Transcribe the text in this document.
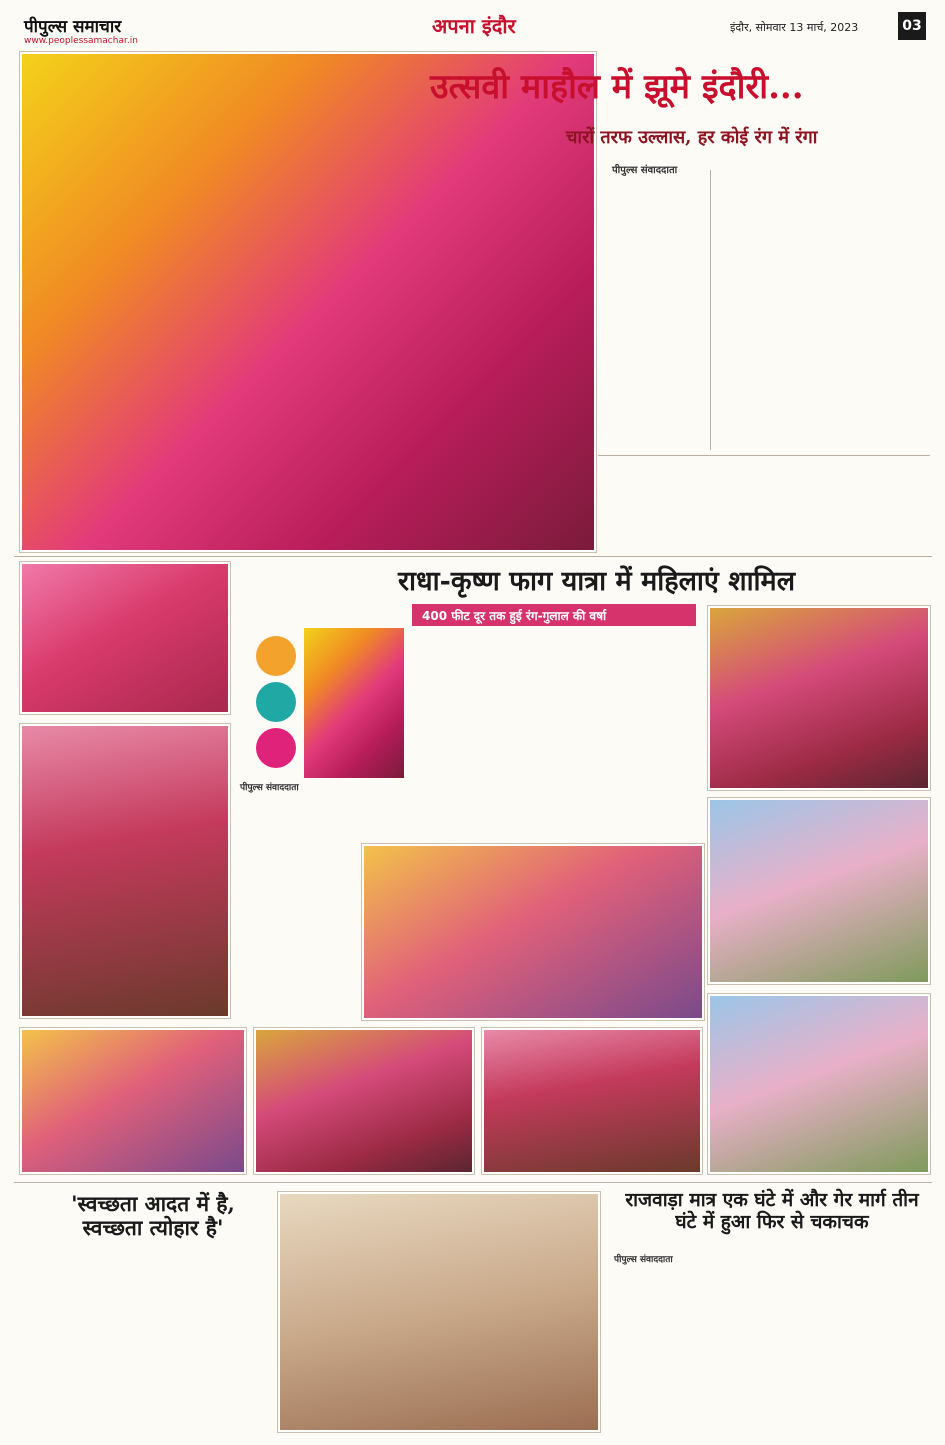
पीपुल्स समाचार
www.peoplessamachar.in
अपना इंदौर	इंदौर, सोमवार 13 मार्च, 2023	03
उत्सवी माहौल में झूमे इंदौरी...
चारों तरफ उल्लास, हर कोई रंग में रंगा
पीपुल्स संवाददाता
राधा-कृष्ण फाग यात्रा में महिलाएं शामिल
400 फीट दूर तक हुई रंग-गुलाल की वर्षा
पीपुल्स संवाददाता
'स्वच्छता आदत में है, स्वच्छता त्योहार है'
राजवाड़ा मात्र एक घंटे में और गेर मार्ग तीन घंटे में हुआ फिर से चकाचक
पीपुल्स संवाददाता
